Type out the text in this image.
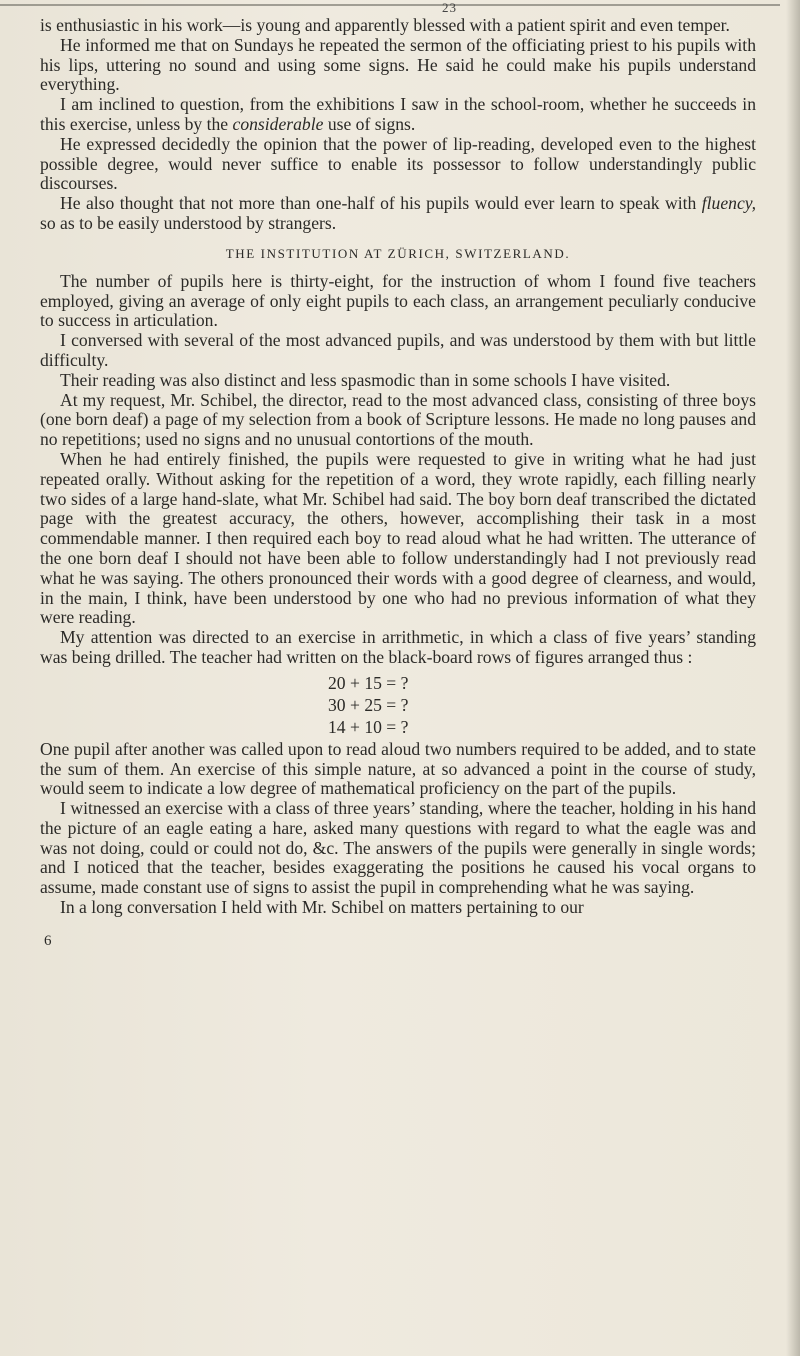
23

is enthusiastic in his work—is young and apparently blessed with a patient spirit and even temper.

He informed me that on Sundays he repeated the sermon of the officiating priest to his pupils with his lips, uttering no sound and using some signs. He said he could make his pupils understand everything.

I am inclined to question, from the exhibitions I saw in the school-room, whether he succeeds in this exercise, unless by the considerable use of signs.

He expressed decidedly the opinion that the power of lip-reading, developed even to the highest possible degree, would never suffice to enable its possessor to follow understandingly public discourses.

He also thought that not more than one-half of his pupils would ever learn to speak with fluency, so as to be easily understood by strangers.

THE INSTITUTION AT ZÜRICH, SWITZERLAND.

The number of pupils here is thirty-eight, for the instruction of whom I found five teachers employed, giving an average of only eight pupils to each class, an arrangement peculiarly conducive to success in articulation.

I conversed with several of the most advanced pupils, and was understood by them with but little difficulty.

Their reading was also distinct and less spasmodic than in some schools I have visited.

At my request, Mr. Schibel, the director, read to the most advanced class, consisting of three boys (one born deaf) a page of my selection from a book of Scripture lessons. He made no long pauses and no repetitions; used no signs and no unusual contortions of the mouth.

When he had entirely finished, the pupils were requested to give in writing what he had just repeated orally. Without asking for the repetition of a word, they wrote rapidly, each filling nearly two sides of a large hand-slate, what Mr. Schibel had said. The boy born deaf transcribed the dictated page with the greatest accuracy, the others, however, accomplishing their task in a most commendable manner. I then required each boy to read aloud what he had written. The utterance of the one born deaf I should not have been able to follow understandingly had I not previously read what he was saying. The others pronounced their words with a good degree of clearness, and would, in the main, I think, have been understood by one who had no previous information of what they were reading.

My attention was directed to an exercise in arrithmetic, in which a class of five years’ standing was being drilled. The teacher had written on the black-board rows of figures arranged thus :

20 + 15 = ?
30 + 25 = ?
14 + 10 = ?

One pupil after another was called upon to read aloud two numbers required to be added, and to state the sum of them. An exercise of this simple nature, at so advanced a point in the course of study, would seem to indicate a low degree of mathematical proficiency on the part of the pupils.

I witnessed an exercise with a class of three years’ standing, where the teacher, holding in his hand the picture of an eagle eating a hare, asked many questions with regard to what the eagle was and was not doing, could or could not do, &c. The answers of the pupils were generally in single words; and I noticed that the teacher, besides exaggerating the positions he caused his vocal organs to assume, made constant use of signs to assist the pupil in comprehending what he was saying.

In a long conversation I held with Mr. Schibel on matters pertaining to our

6
